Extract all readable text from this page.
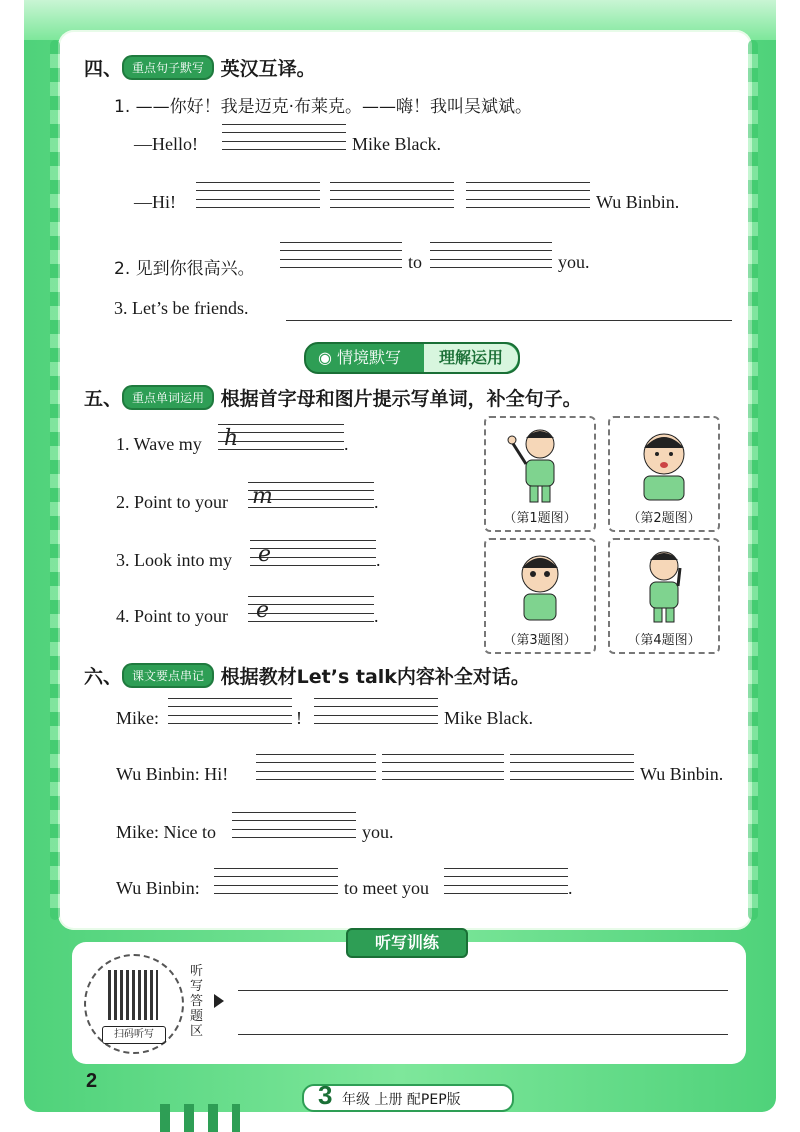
四、 重点句子默写 英汉互译。
1. ——你好！我是迈克·布莱克。——嗨！我叫吴斌斌。
—Hello!	Mike Black.
—Hi!	Wu Binbin.
2. 见到你很高兴。	to	you.
3. Let’s be friends.
◉ 情境默写	理解运用
五、 重点单词运用 根据首字母和图片提示写单词，补全句子。
1. Wave my h	.
2. Point to your m	.
3. Look into my e	.
4. Point to your e	.
（第1题图）	（第2题图）
（第3题图）	（第4题图）
六、 课文要点串记 根据教材Let’s talk内容补全对话。
Mike:	!	Mike Black.
Wu Binbin: Hi!	Wu Binbin.
Mike: Nice to	you.
Wu Binbin:	to meet you	.
听写训练
扫码听写
听写答题区
2	3 年级 上册 配PEP版
